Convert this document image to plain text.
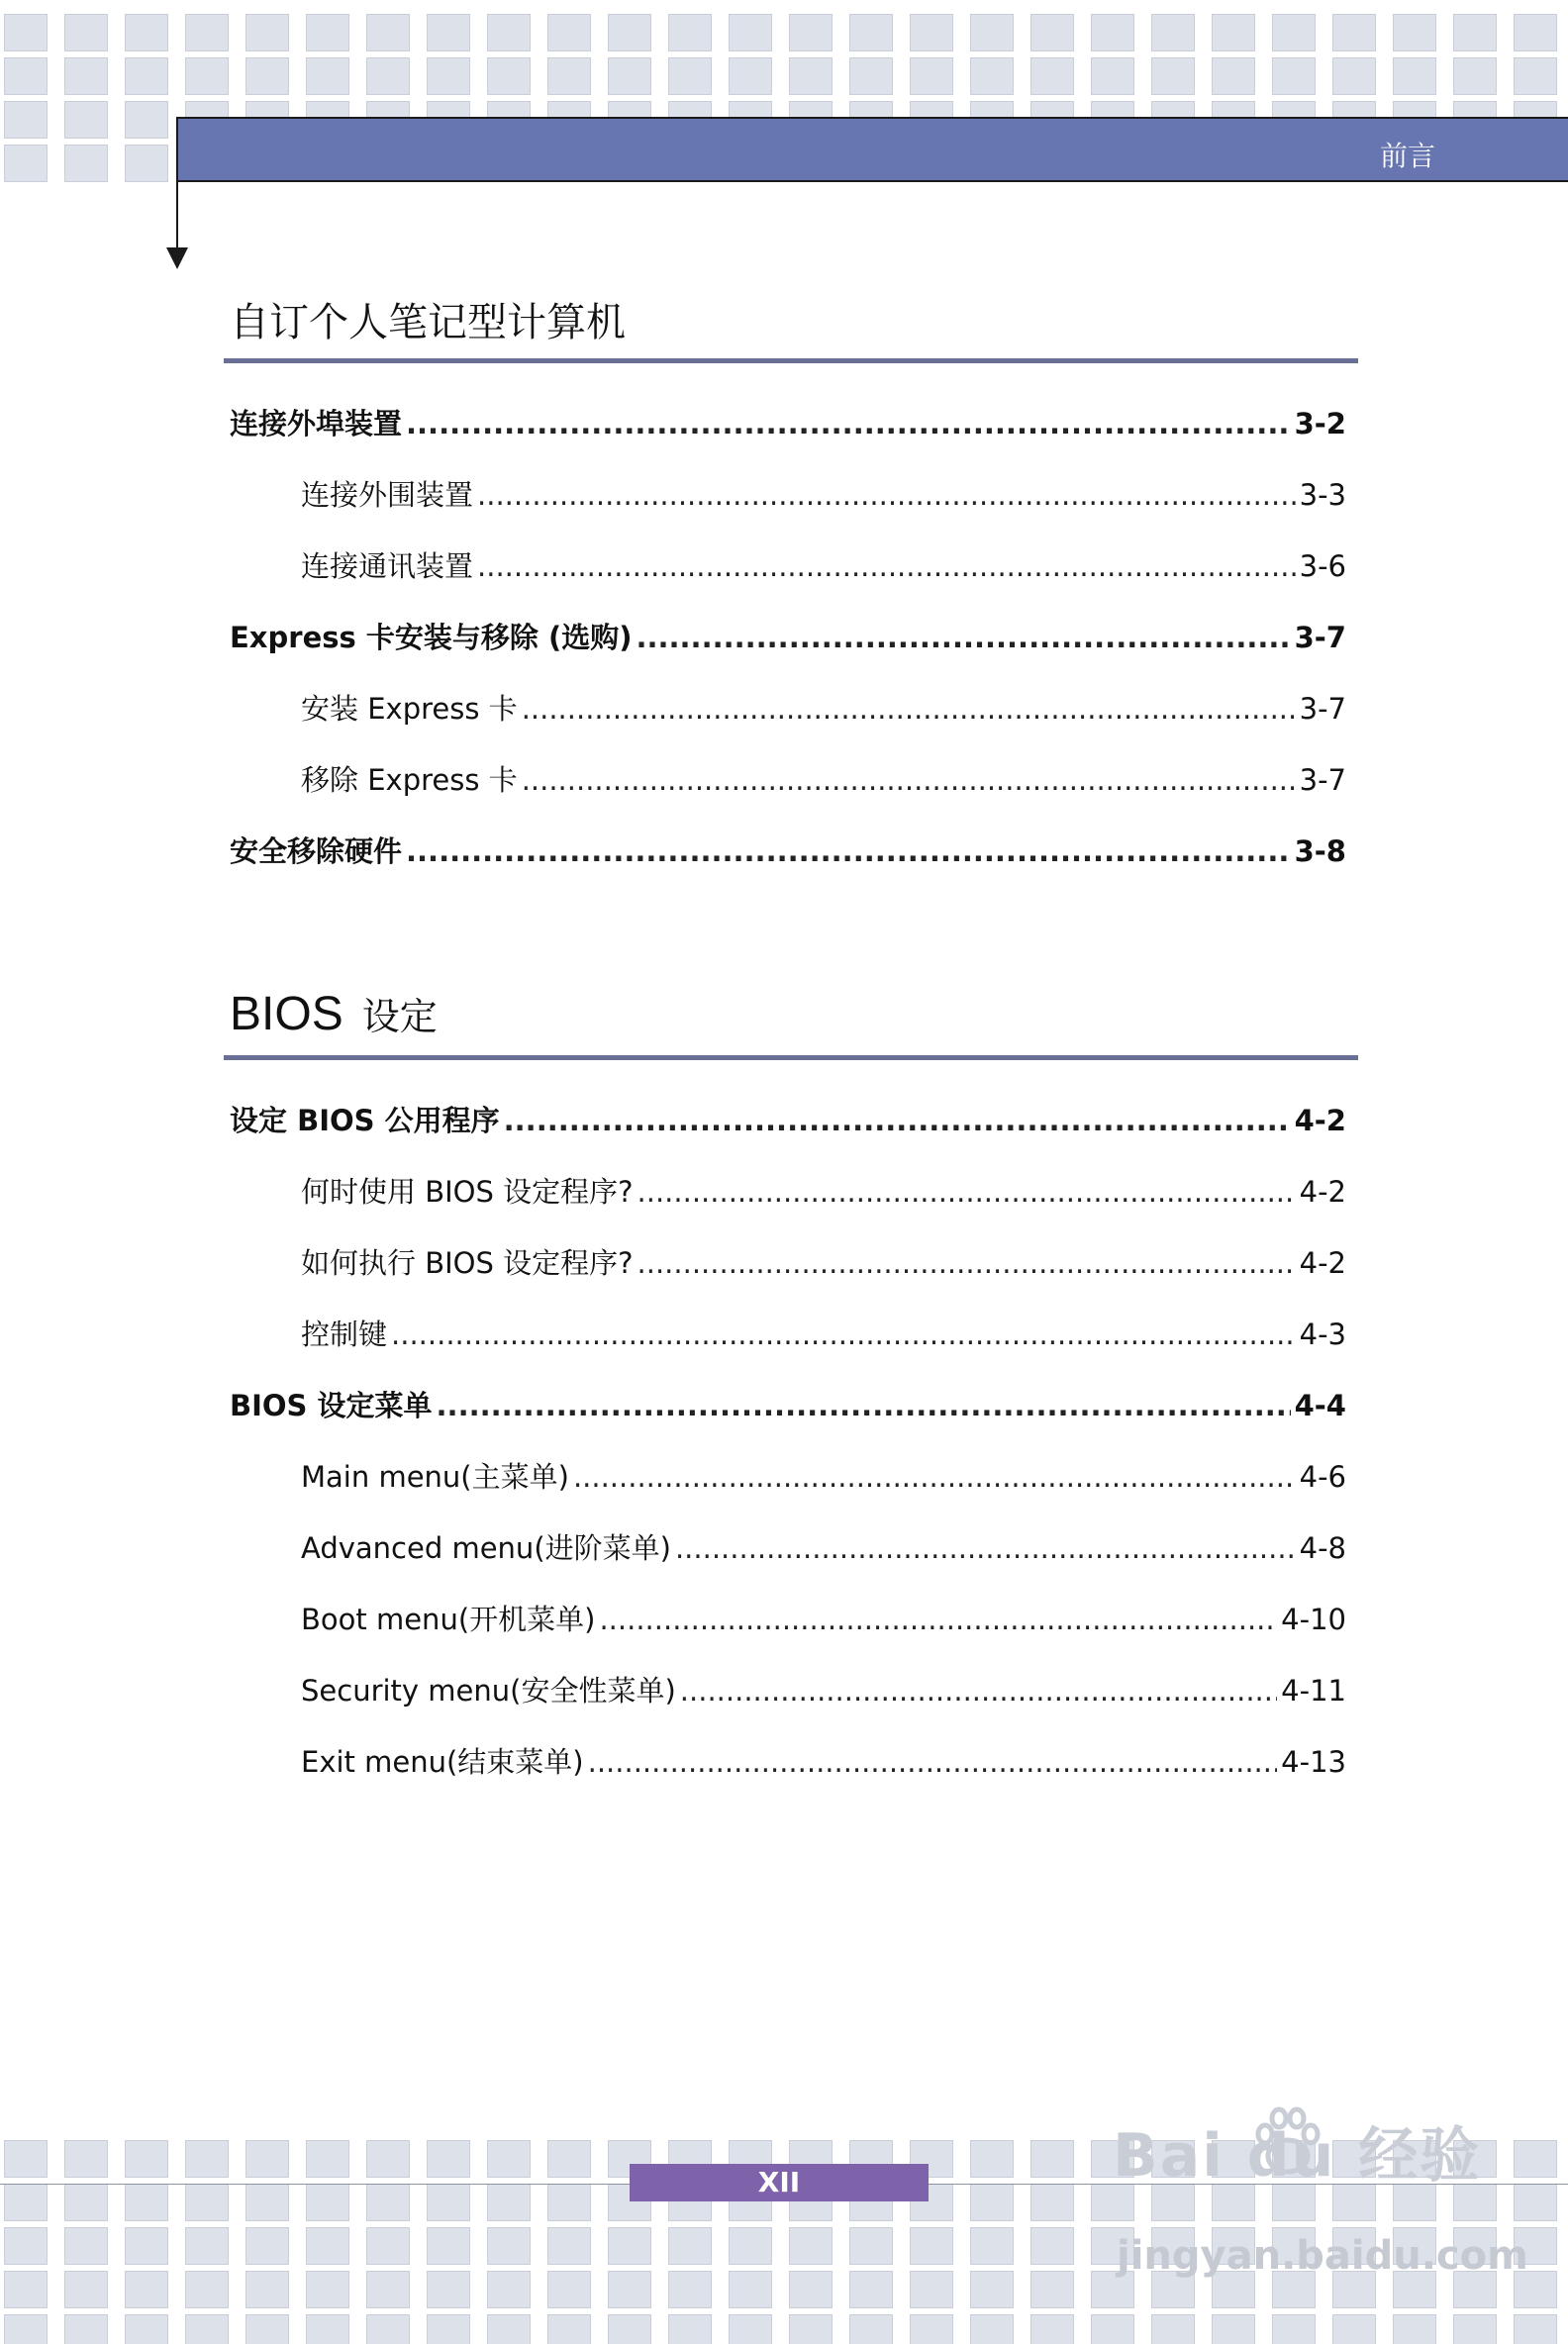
前言
自订个人笔记型计算机
连接外埠装置 .....	3-2
连接外围装置 .....	3-3
连接通讯装置 .....	3-6
Express 卡安装与移除 (选购) .....	3-7
安装 Express 卡 .....	3-7
移除 Express 卡 .....	3-7
安全移除硬件 .....	3-8
BIOS 设定
设定 BIOS 公用程序 .....	4-2
何时使用 BIOS 设定程序? .....	4-2
如何执行 BIOS 设定程序? .....	4-2
控制键 .....	4-3
BIOS 设定菜单 .....	4-4
Main menu(主菜单) .....	4-6
Advanced menu(进阶菜单) .....	4-8
Boot menu(开机菜单) .....	4-10
Security menu(安全性菜单) .....	4-11
Exit menu(结束菜单) .....	4-13
XII	Bai du 经验
jingyan.baidu.com
